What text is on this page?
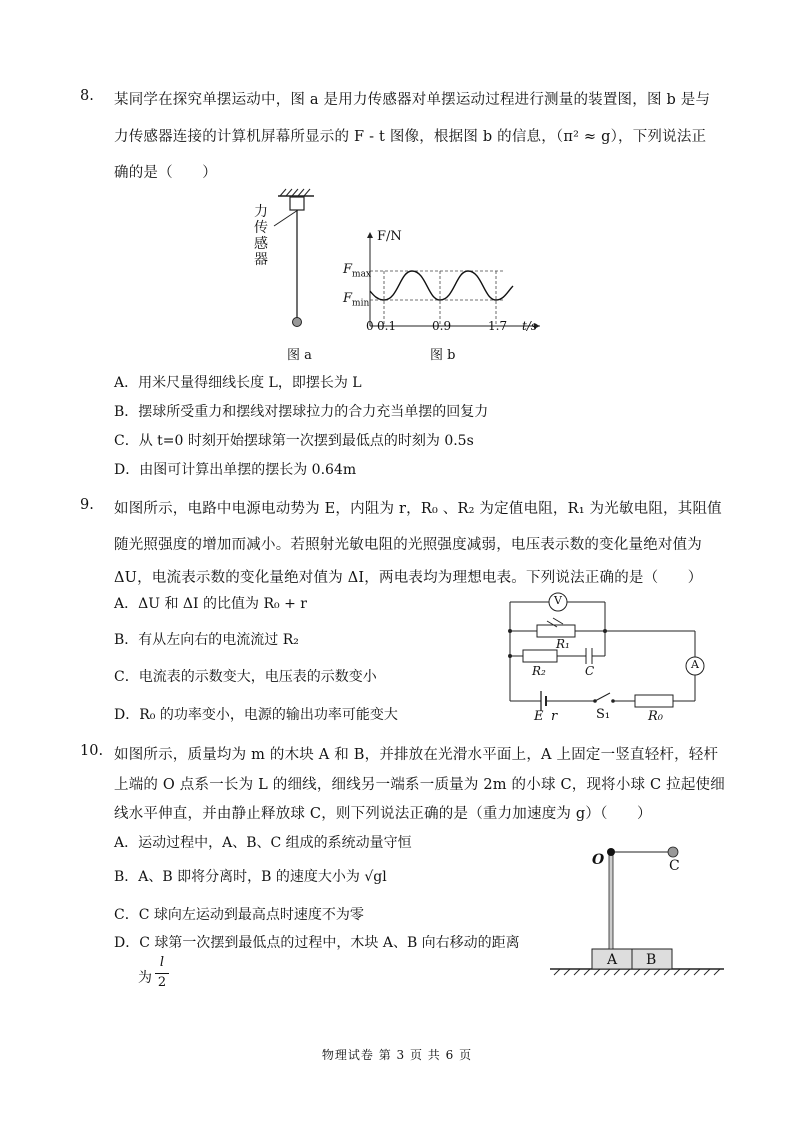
8. 某同学在探究单摆运动中，图 a 是用力传感器对单摆运动过程进行测量的装置图，图 b 是与
力传感器连接的计算机屏幕所显示的 F - t 图像，根据图 b 的信息，（π² ≈ g），下列说法正
确的是（　　）
力传感器
图 a
F/N
$F_{max}$
$F_{min}$
0 0.1	0.9	1.7 t/s
图 b
A．用米尺量得细线长度 L，即摆长为 L
B．摆球所受重力和摆线对摆球拉力的合力充当单摆的回复力
C．从 t=0 时刻开始摆球第一次摆到最低点的时刻为 0.5s
D．由图可计算出单摆的摆长为 0.64m
9. 如图所示，电路中电源电动势为 E，内阻为 r，R₀ 、R₂ 为定值电阻，R₁ 为光敏电阻，其阻值
随光照强度的增加而减小。若照射光敏电阻的光照强度减弱，电压表示数的变化量绝对值为
ΔU，电流表示数的变化量绝对值为 ΔI，两电表均为理想电表。下列说法正确的是（　　）
A．ΔU 和 ΔI 的比值为 R₀ + r
B．有从左向右的电流流过 R₂
C．电流表的示数变大，电压表的示数变小
D．R₀ 的功率变小，电源的输出功率可能变大
V
A
R₁
R₂	C
E r	S₁	R₀
10. 如图所示，质量均为 m 的木块 A 和 B，并排放在光滑水平面上，A 上固定一竖直轻杆，轻杆
上端的 O 点系一长为 L 的细线，细线另一端系一质量为 2m 的小球 C，现将小球 C 拉起使细
线水平伸直，并由静止释放球 C，则下列说法正确的是（重力加速度为 g）（　　）
A．运动过程中，A、B、C 组成的系统动量守恒
B．A、B 即将分离时，B 的速度大小为 √gl
C．C 球向左运动到最高点时速度不为零
D．C 球第一次摆到最低点的过程中，木块 A、B 向右移动的距离
为
l
2
O	C
A B
物理试卷 第 3 页 共 6 页
